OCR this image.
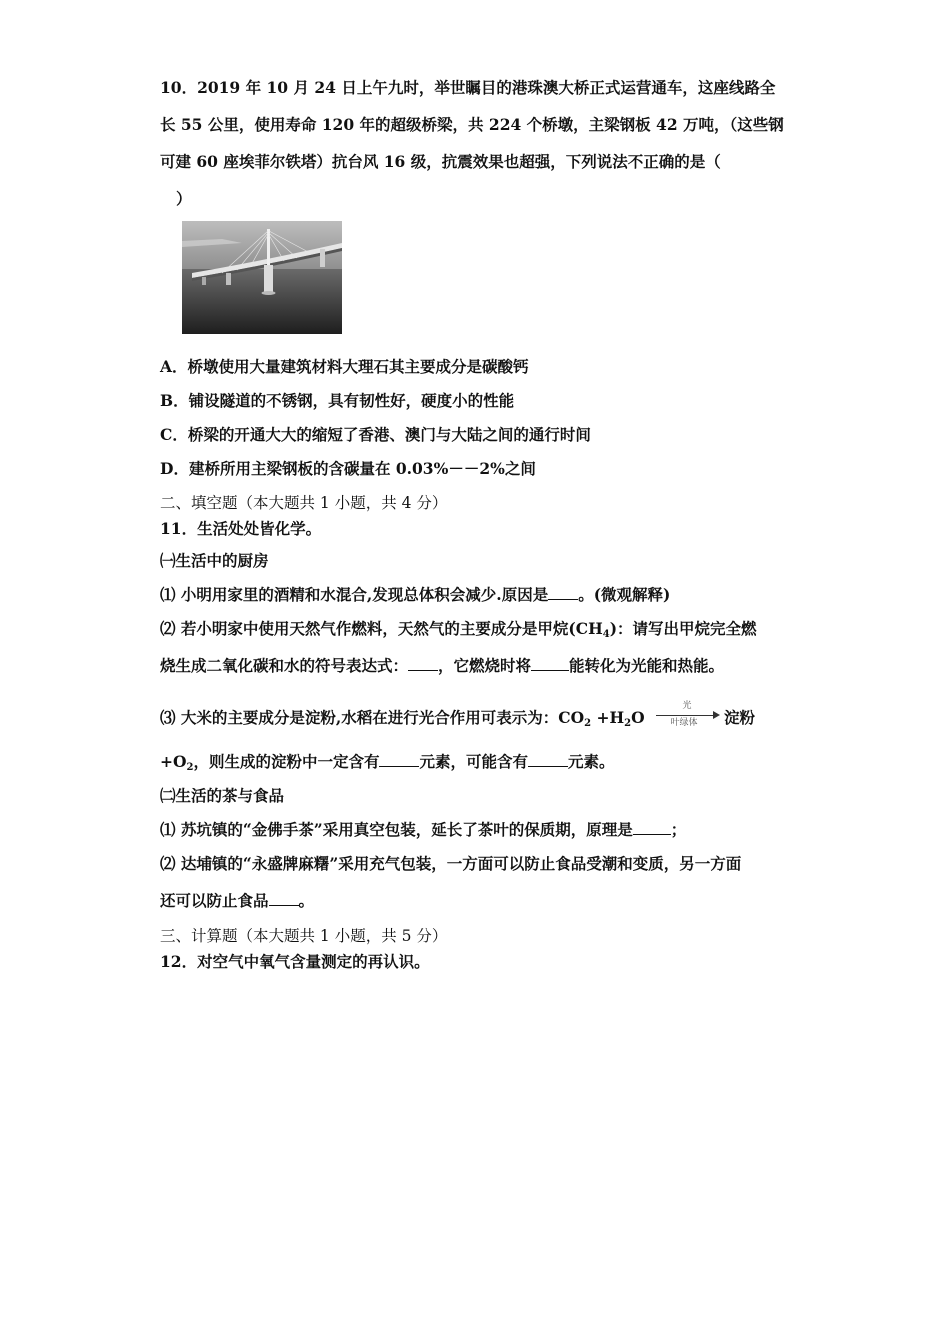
10．2019 年 10 月 24 日上午九时，举世瞩目的港珠澳大桥正式运营通车，这座线路全
长 55 公里，使用寿命 120 年的超级桥梁，共 224 个桥墩，主梁钢板 42 万吨，（这些钢
可建 60 座埃菲尔铁塔）抗台风 16 级，抗震效果也超强，下列说法不正确的是（
）
A．桥墩使用大量建筑材料大理石其主要成分是碳酸钙
B．铺设隧道的不锈钢，具有韧性好，硬度小的性能
C．桥梁的开通大大的缩短了香港、澳门与大陆之间的通行时间
D．建桥所用主梁钢板的含碳量在 0.03%－－2%之间
二、填空题（本大题共 1 小题，共 4 分）
11．生活处处皆化学。
㈠生活中的厨房
⑴ 小明用家里的酒精和水混合,发现总体积会减少.原因是 。(微观解释)
⑵ 若小明家中使用天然气作燃料，天然气的主要成分是甲烷$(CH_4)$：请写出甲烷完全燃
烧生成二氧化碳和水的符号表达式： ，它燃烧时将 能转化为光能和热能。
⑶ 大米的主要成分是淀粉,水稻在进行光合作用可表示为：$CO_2 +H_2O$
光
叶绿体	淀粉
$+O_2$，则生成的淀粉中一定含有	元素，可能含有	元素。
㈡生活的茶与食品
⑴ 苏坑镇的“金佛手茶”采用真空包装，延长了茶叶的保质期，原理是 ；
⑵ 达埔镇的“永盛牌麻糬”采用充气包装，一方面可以防止食品受潮和变质，另一方面
还可以防止食品 。
三、计算题（本大题共 1 小题，共 5 分）
12．对空气中氧气含量测定的再认识。
